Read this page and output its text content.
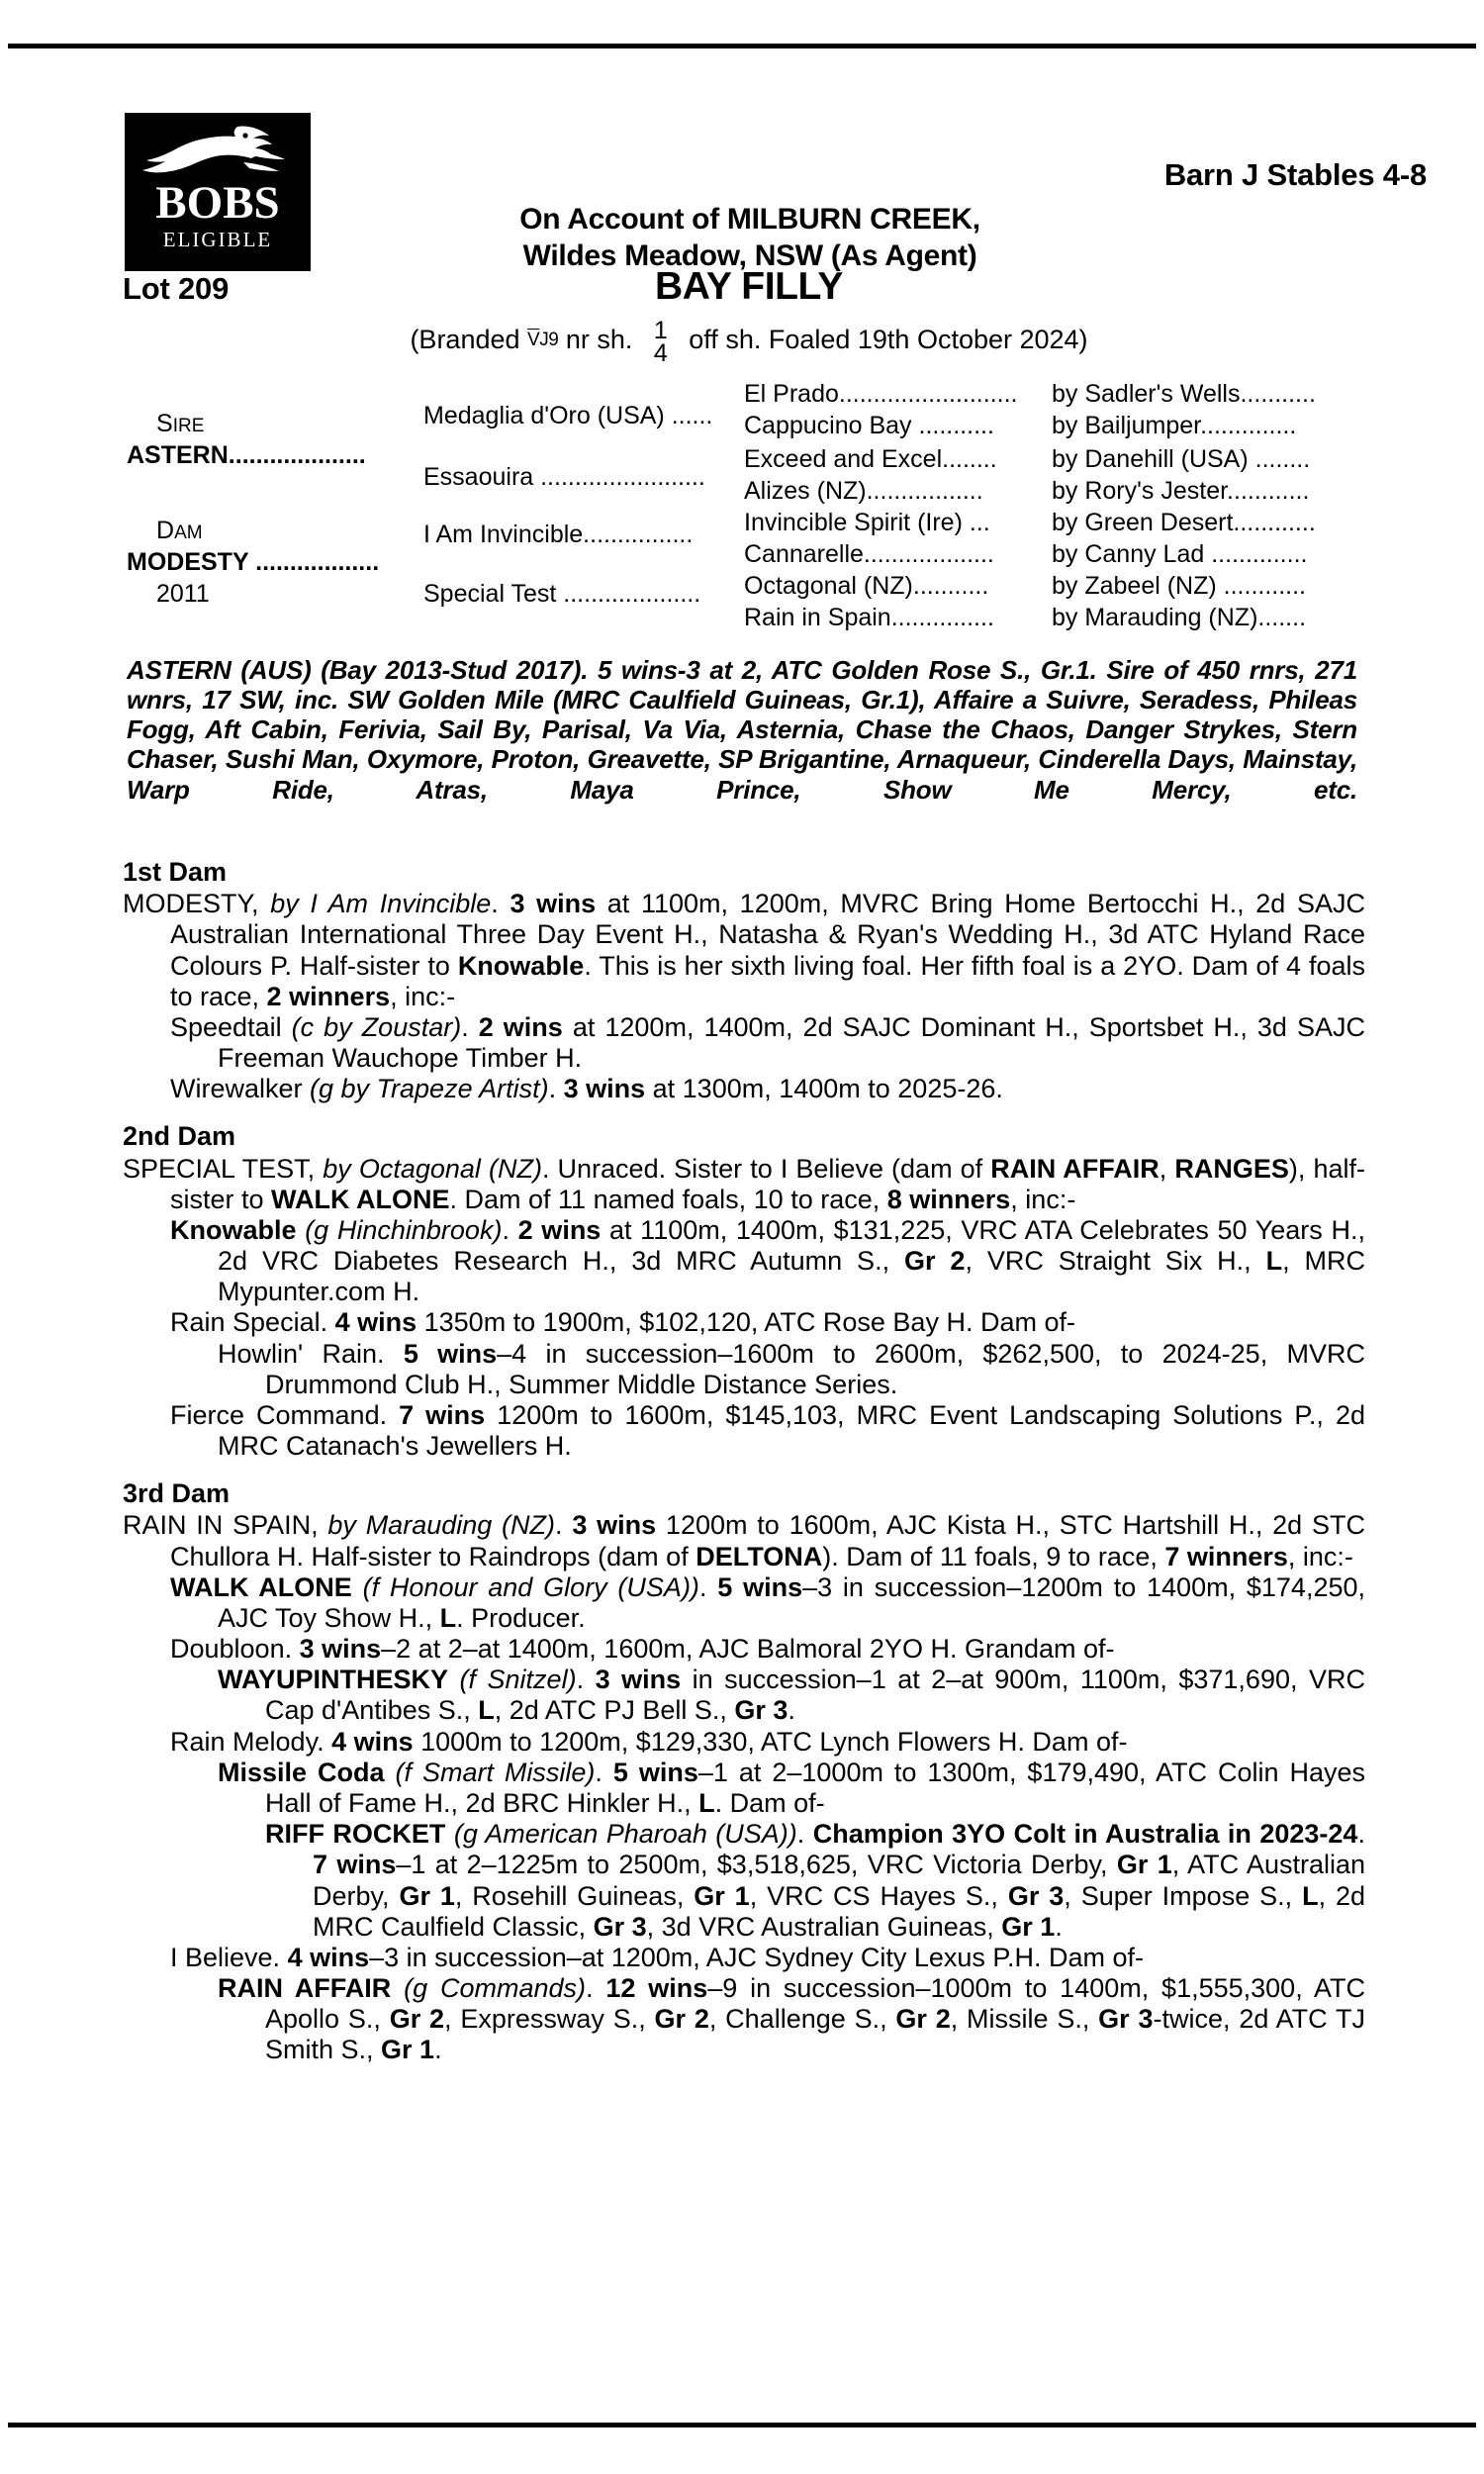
BOBS
ELIGIBLE
Barn J Stables 4-8
On Account of MILBURN CREEK,
Wildes Meadow, NSW (As Agent)
Lot 209	BAY FILLY
(Branded $\overline{V}J9$ nr sh. 1
4 off sh. Foaled 19th October 2024)
SIRE
ASTERN....................
DAM
MODESTY ..................
2011
Medaglia d'Oro (USA) ......
Essaouira ........................
I Am Invincible................
Special Test ....................
El Prado..........................
Cappucino Bay ...........
Exceed and Excel........
Alizes (NZ).................
Invincible Spirit (Ire) ...
Cannarelle...................
Octagonal (NZ)...........
Rain in Spain...............
by Sadler's Wells...........
by Bailjumper..............
by Danehill (USA) ........
by Rory's Jester............
by Green Desert............
by Canny Lad ..............
by Zabeel (NZ) ............
by Marauding (NZ).......
ASTERN (AUS) (Bay 2013-Stud 2017). 5 wins-3 at 2, ATC Golden Rose S., Gr.1. Sire of 450 rnrs, 271 wnrs, 17 SW, inc. SW Golden Mile (MRC Caulfield Guineas, Gr.1), Affaire a Suivre, Seradess, Phileas Fogg, Aft Cabin, Ferivia, Sail By, Parisal, Va Via, Asternia, Chase the Chaos, Danger Strykes, Stern Chaser, Sushi Man, Oxymore, Proton, Greavette, SP Brigantine, Arnaqueur, Cinderella Days, Mainstay, Warp Ride, Atras, Maya Prince, Show Me Mercy, etc.
1st Dam
MODESTY, by I Am Invincible. 3 wins at 1100m, 1200m, MVRC Bring Home Bertocchi H., 2d SAJC Australian International Three Day Event H., Natasha & Ryan's Wedding H., 3d ATC Hyland Race Colours P. Half-sister to Knowable. This is her sixth living foal. Her fifth foal is a 2YO. Dam of 4 foals to race, 2 winners, inc:-
Speedtail (c by Zoustar). 2 wins at 1200m, 1400m, 2d SAJC Dominant H., Sportsbet H., 3d SAJC Freeman Wauchope Timber H.
Wirewalker (g by Trapeze Artist). 3 wins at 1300m, 1400m to 2025-26.
2nd Dam
SPECIAL TEST, by Octagonal (NZ). Unraced. Sister to I Believe (dam of RAIN AFFAIR, RANGES), half-sister to WALK ALONE. Dam of 11 named foals, 10 to race, 8 winners, inc:-
Knowable (g Hinchinbrook). 2 wins at 1100m, 1400m, $131,225, VRC ATA Celebrates 50 Years H., 2d VRC Diabetes Research H., 3d MRC Autumn S., Gr 2, VRC Straight Six H., L, MRC Mypunter.com H.
Rain Special. 4 wins 1350m to 1900m, $102,120, ATC Rose Bay H. Dam of-
Howlin' Rain. 5 wins–4 in succession–1600m to 2600m, $262,500, to 2024-25, MVRC Drummond Club H., Summer Middle Distance Series.
Fierce Command. 7 wins 1200m to 1600m, $145,103, MRC Event Landscaping Solutions P., 2d MRC Catanach's Jewellers H.
3rd Dam
RAIN IN SPAIN, by Marauding (NZ). 3 wins 1200m to 1600m, AJC Kista H., STC Hartshill H., 2d STC Chullora H. Half-sister to Raindrops (dam of DELTONA). Dam of 11 foals, 9 to race, 7 winners, inc:-
WALK ALONE (f Honour and Glory (USA)). 5 wins–3 in succession–1200m to 1400m, $174,250, AJC Toy Show H., L. Producer.
Doubloon. 3 wins–2 at 2–at 1400m, 1600m, AJC Balmoral 2YO H. Grandam of-
WAYUPINTHESKY (f Snitzel). 3 wins in succession–1 at 2–at 900m, 1100m, $371,690, VRC Cap d'Antibes S., L, 2d ATC PJ Bell S., Gr 3.
Rain Melody. 4 wins 1000m to 1200m, $129,330, ATC Lynch Flowers H. Dam of-
Missile Coda (f Smart Missile). 5 wins–1 at 2–1000m to 1300m, $179,490, ATC Colin Hayes Hall of Fame H., 2d BRC Hinkler H., L. Dam of-
RIFF ROCKET (g American Pharoah (USA)). Champion 3YO Colt in Australia in 2023-24. 7 wins–1 at 2–1225m to 2500m, $3,518,625, VRC Victoria Derby, Gr 1, ATC Australian Derby, Gr 1, Rosehill Guineas, Gr 1, VRC CS Hayes S., Gr 3, Super Impose S., L, 2d MRC Caulfield Classic, Gr 3, 3d VRC Australian Guineas, Gr 1.
I Believe. 4 wins–3 in succession–at 1200m, AJC Sydney City Lexus P.H. Dam of-
RAIN AFFAIR (g Commands). 12 wins–9 in succession–1000m to 1400m, $1,555,300, ATC Apollo S., Gr 2, Expressway S., Gr 2, Challenge S., Gr 2, Missile S., Gr 3-twice, 2d ATC TJ Smith S., Gr 1.
